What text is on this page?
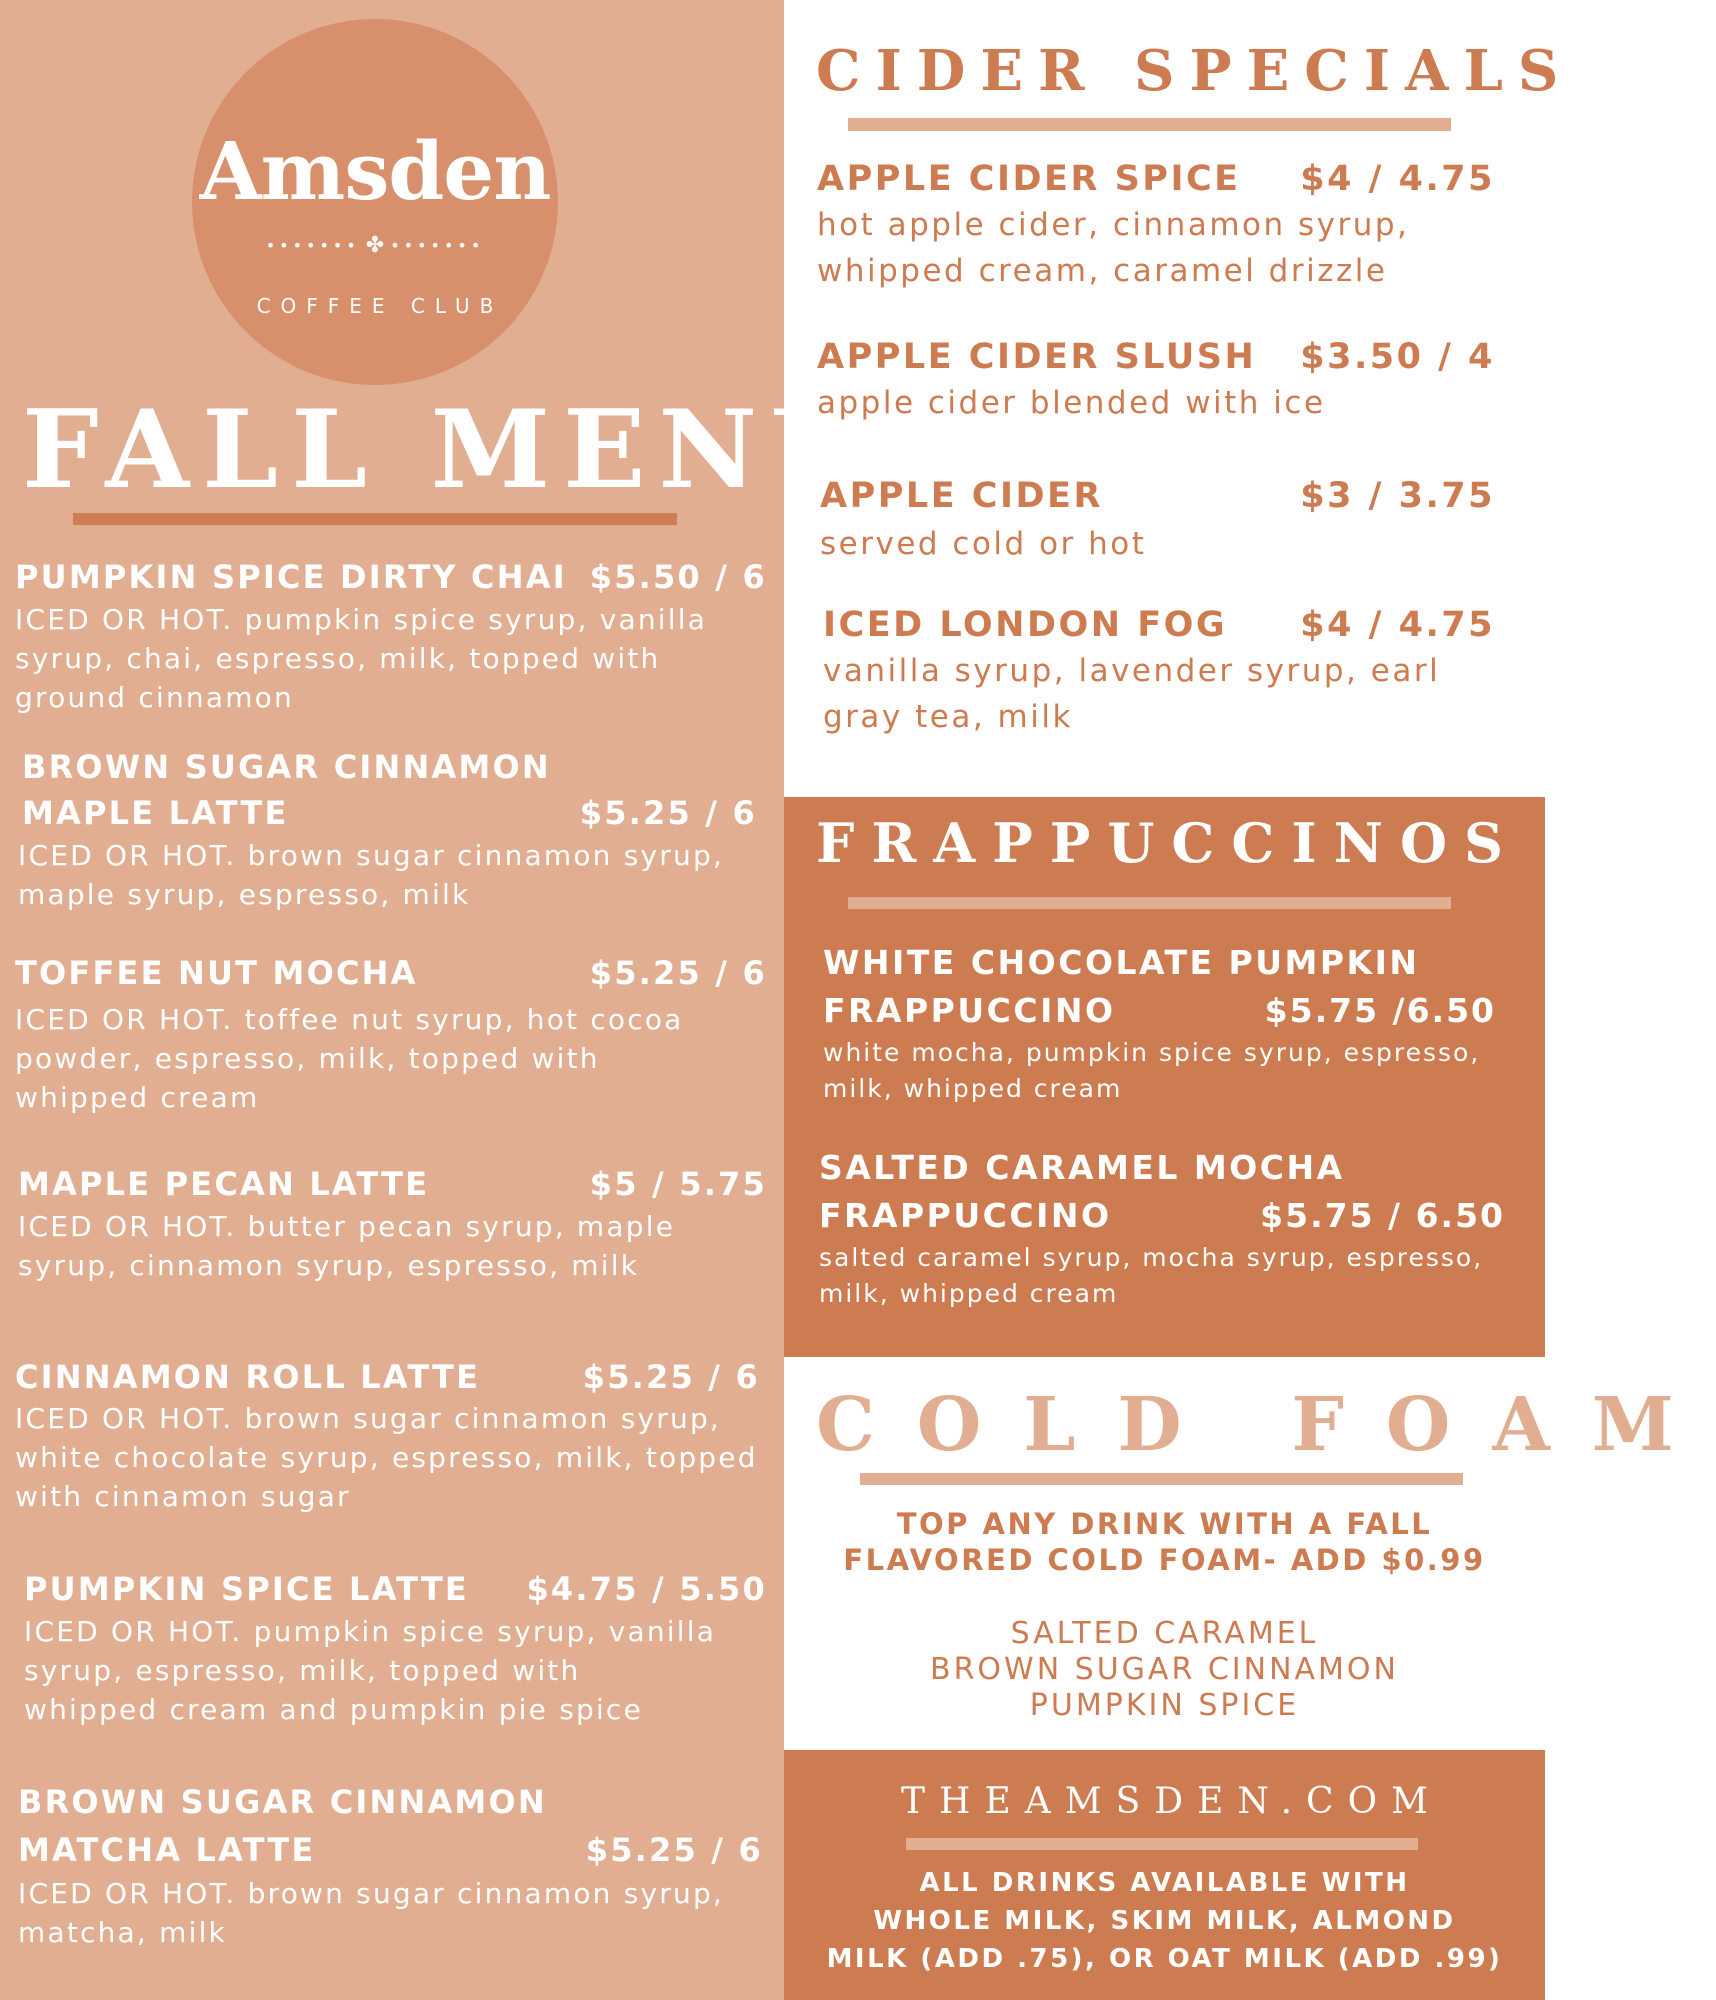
Amsden
••••••• ✤ •••••••
COFFEE CLUB
FALL MENU
PUMPKIN SPICE DIRTY CHAI $5.50 / 6
ICED OR HOT. pumpkin spice syrup, vanilla syrup, chai, espresso, milk, topped with ground cinnamon
BROWN SUGAR CINNAMON
MAPLE LATTE	$5.25 / 6
ICED OR HOT. brown sugar cinnamon syrup, maple syrup, espresso, milk
TOFFEE NUT MOCHA	$5.25 / 6
ICED OR HOT. toffee nut syrup, hot cocoa powder, espresso, milk, topped with whipped cream
MAPLE PECAN LATTE	$5 / 5.75
ICED OR HOT. butter pecan syrup, maple syrup, cinnamon syrup, espresso, milk
CINNAMON ROLL LATTE	$5.25 / 6
ICED OR HOT. brown sugar cinnamon syrup, white chocolate syrup, espresso, milk, topped with cinnamon sugar
PUMPKIN SPICE LATTE	$4.75 / 5.50
ICED OR HOT. pumpkin spice syrup, vanilla syrup, espresso, milk, topped with whipped cream and pumpkin pie spice
BROWN SUGAR CINNAMON
MATCHA LATTE	$5.25 / 6
ICED OR HOT. brown sugar cinnamon syrup, matcha, milk
CIDER SPECIALS
APPLE CIDER SPICE	$4 / 4.75
hot apple cider, cinnamon syrup,
whipped cream, caramel drizzle
APPLE CIDER SLUSH	$3.50 / 4
apple cider blended with ice
APPLE CIDER	$3 / 3.75
served cold or hot
ICED LONDON FOG	$4 / 4.75
vanilla syrup, lavender syrup, earl
gray tea, milk
FRAPPUCCINOS
WHITE CHOCOLATE PUMPKIN
FRAPPUCCINO	$5.75 /6.50
white mocha, pumpkin spice syrup, espresso,
milk, whipped cream
SALTED CARAMEL MOCHA
FRAPPUCCINO	$5.75 / 6.50
salted caramel syrup, mocha syrup, espresso,
milk, whipped cream
COLD FOAM
TOP ANY DRINK WITH A FALL
FLAVORED COLD FOAM- ADD $0.99
SALTED CARAMEL
BROWN SUGAR CINNAMON
PUMPKIN SPICE
THEAMSDEN.COM
ALL DRINKS AVAILABLE WITH
WHOLE MILK, SKIM MILK, ALMOND
MILK (ADD .75), OR OAT MILK (ADD .99)
